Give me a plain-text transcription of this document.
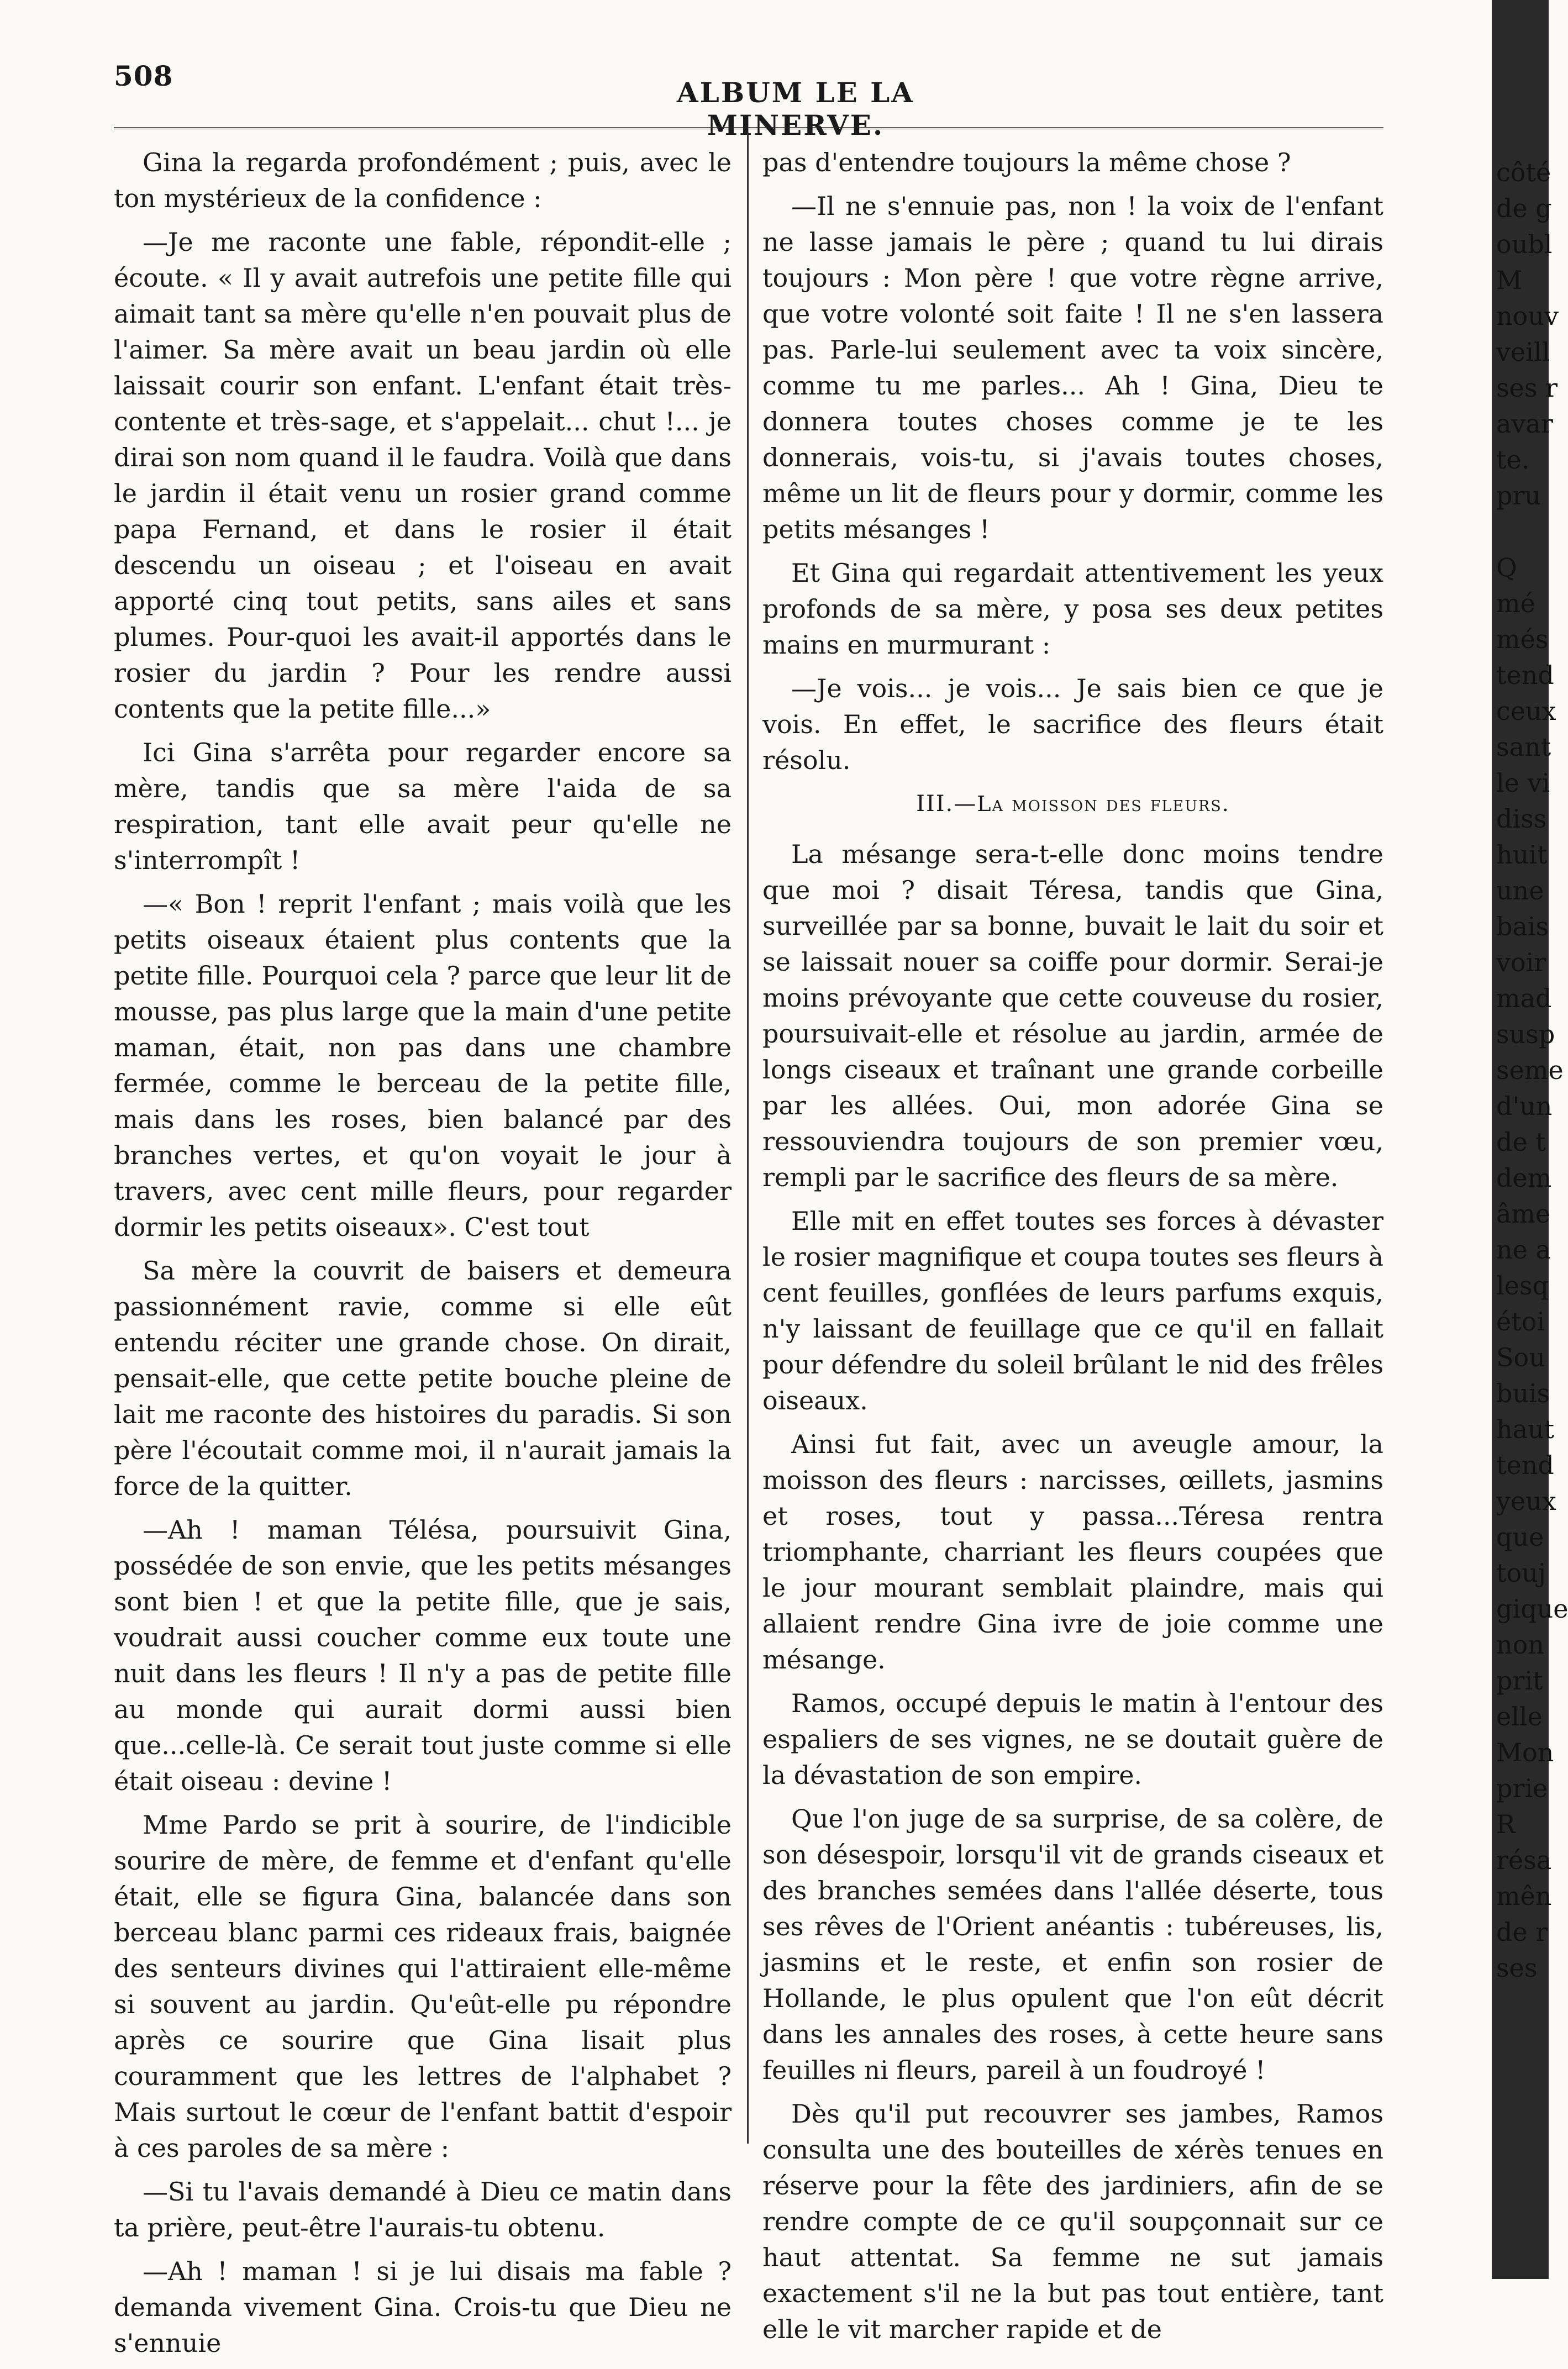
508
ALBUM LE LA MINERVE.

Gina la regarda profondément ; puis, avec le ton mystérieux de la confidence :

—Je me raconte une fable, répondit-elle ; écoute. « Il y avait autrefois une petite fille qui aimait tant sa mère qu'elle n'en pouvait plus de l'aimer. Sa mère avait un beau jardin où elle laissait courir son enfant. L'enfant était très-contente et très-sage, et s'appelait... chut !... je dirai son nom quand il le faudra. Voilà que dans le jardin il était venu un rosier grand comme papa Fernand, et dans le rosier il était descendu un oiseau ; et l'oiseau en avait apporté cinq tout petits, sans ailes et sans plumes. Pour-quoi les avait-il apportés dans le rosier du jardin ? Pour les rendre aussi contents que la petite fille...»

Ici Gina s'arrêta pour regarder encore sa mère, tandis que sa mère l'aida de sa respiration, tant elle avait peur qu'elle ne s'interrompît !

—« Bon ! reprit l'enfant ; mais voilà que les petits oiseaux étaient plus contents que la petite fille. Pourquoi cela ? parce que leur lit de mousse, pas plus large que la main d'une petite maman, était, non pas dans une chambre fermée, comme le berceau de la petite fille, mais dans les roses, bien balancé par des branches vertes, et qu'on voyait le jour à travers, avec cent mille fleurs, pour regarder dormir les petits oiseaux». C'est tout

Sa mère la couvrit de baisers et demeura passionnément ravie, comme si elle eût entendu réciter une grande chose. On dirait, pensait-elle, que cette petite bouche pleine de lait me raconte des histoires du paradis. Si son père l'écoutait comme moi, il n'aurait jamais la force de la quitter.

—Ah ! maman Télésa, poursuivit Gina, possédée de son envie, que les petits mésanges sont bien ! et que la petite fille, que je sais, voudrait aussi coucher comme eux toute une nuit dans les fleurs ! Il n'y a pas de petite fille au monde qui aurait dormi aussi bien que...celle-là. Ce serait tout juste comme si elle était oiseau : devine !

Mme Pardo se prit à sourire, de l'indicible sourire de mère, de femme et d'enfant qu'elle était, elle se figura Gina, balancée dans son berceau blanc parmi ces rideaux frais, baignée des senteurs divines qui l'attiraient elle-même si souvent au jardin. Qu'eût-elle pu répondre après ce sourire que Gina lisait plus couramment que les lettres de l'alphabet ? Mais surtout le cœur de l'enfant battit d'espoir à ces paroles de sa mère :

—Si tu l'avais demandé à Dieu ce matin dans ta prière, peut-être l'aurais-tu obtenu.

—Ah ! maman ! si je lui disais ma fable ? demanda vivement Gina. Crois-tu que Dieu ne s'ennuie

pas d'entendre toujours la même chose ?

—Il ne s'ennuie pas, non ! la voix de l'enfant ne lasse jamais le père ; quand tu lui dirais toujours : Mon père ! que votre règne arrive, que votre volonté soit faite ! Il ne s'en lassera pas. Parle-lui seulement avec ta voix sincère, comme tu me parles... Ah ! Gina, Dieu te donnera toutes choses comme je te les donnerais, vois-tu, si j'avais toutes choses, même un lit de fleurs pour y dormir, comme les petits mésanges !

Et Gina qui regardait attentivement les yeux profonds de sa mère, y posa ses deux petites mains en murmurant :

—Je vois... je vois... Je sais bien ce que je vois. En effet, le sacrifice des fleurs était résolu.

III.—La moisson des fleurs.

La mésange sera-t-elle donc moins tendre que moi ? disait Téresa, tandis que Gina, surveillée par sa bonne, buvait le lait du soir et se laissait nouer sa coiffe pour dormir. Serai-je moins prévoyante que cette couveuse du rosier, poursuivait-elle et résolue au jardin, armée de longs ciseaux et traînant une grande corbeille par les allées. Oui, mon adorée Gina se ressouviendra toujours de son premier vœu, rempli par le sacrifice des fleurs de sa mère.

Elle mit en effet toutes ses forces à dévaster le rosier magnifique et coupa toutes ses fleurs à cent feuilles, gonflées de leurs parfums exquis, n'y laissant de feuillage que ce qu'il en fallait pour défendre du soleil brûlant le nid des frêles oiseaux.

Ainsi fut fait, avec un aveugle amour, la moisson des fleurs : narcisses, œillets, jasmins et roses, tout y passa...Téresa rentra triomphante, charriant les fleurs coupées que le jour mourant semblait plaindre, mais qui allaient rendre Gina ivre de joie comme une mésange.

Ramos, occupé depuis le matin à l'entour des espaliers de ses vignes, ne se doutait guère de la dévastation de son empire.

Que l'on juge de sa surprise, de sa colère, de son désespoir, lorsqu'il vit de grands ciseaux et des branches semées dans l'allée déserte, tous ses rêves de l'Orient anéantis : tubéreuses, lis, jasmins et le reste, et enfin son rosier de Hollande, le plus opulent que l'on eût décrit dans les annales des roses, à cette heure sans feuilles ni fleurs, pareil à un foudroyé !

Dès qu'il put recouvrer ses jambes, Ramos consulta une des bouteilles de xérès tenues en réserve pour la fête des jardiniers, afin de se rendre compte de ce qu'il soupçonnait sur ce haut attentat. Sa femme ne sut jamais exactement s'il ne la but pas tout entière, tant elle le vit marcher rapide et de

côté
de g
oubl
M
nouv
veill
ses r
avar
te.
pru
Q
mé
més
tend
ceux
sant
le vi
diss
huit
une
bais
voir
mad
susp
seme
d'un
de t
dem
âme
ne a
lesq
étoi
Sou
buis
haut
tend
yeux
que
touj
gique
non
prit
elle
Mon
prie
R
résa
mên
de r
ses
